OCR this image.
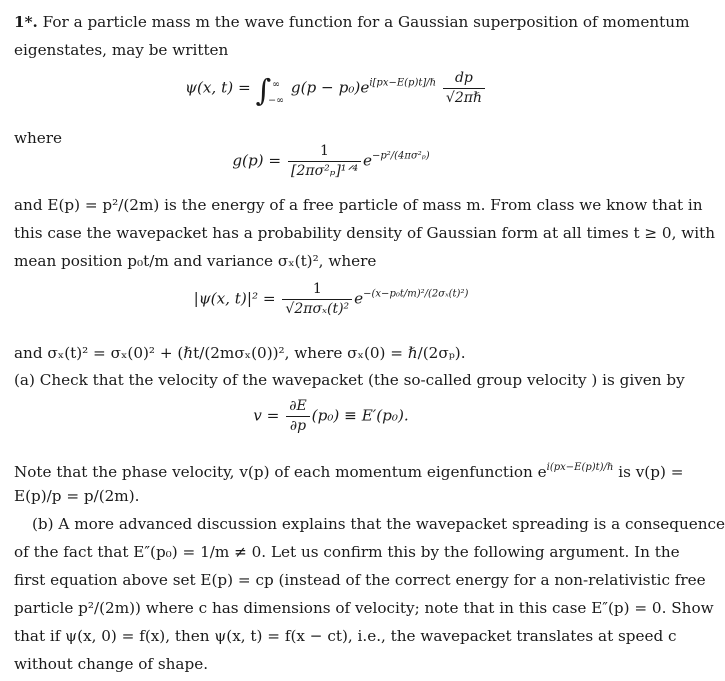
1*. For a particle mass m the wave function for a Gaussian superposition of momentum
eigenstates, may be written
ψ(x, t) = ∫ ∞
−∞
$g(p - p_0)e^{i[px-E(p)t]/\hbar} \frac{dp}{\text{√2πℏ}}$
where
$g(p) = \frac{1}{\text{[2πσ²ₚ]¹ᐟ⁴}} e^{-p^2/(4\pi\sigma^2_p)}$
and E(p) = p²/(2m) is the energy of a free particle of mass m. From class we know that in
this case the wavepacket has a probability density of Gaussian form at all times t ≥ 0, with
mean position p₀t/m and variance σₓ(t)², where
|ψ(x, $t)|^2 = \frac{1}{\text{√2πσₓ(t)²}} e^{-(x-p_0t/m)^2/(2\sigma_x(t)^2)}$
and σₓ(t)² = σₓ(0)² + (ℏt/(2mσₓ(0))², where σₓ(0) = ℏ/(2σₚ).
(a) Check that the velocity of the wavepacket (the so-called group velocity ) is given by
$v = \frac{\partial E}{\partial p} (p_0) \equiv E'(p_0)$.
Note that the phase velocity, v(p) of each momentum eigenfunction $e^{i(px-E(p)t)/\hbar}$ is v(p) =
E(p)/p = p/(2m).
(b) A more advanced discussion explains that the wavepacket spreading is a consequence
of the fact that E″(p₀) = 1/m ≠ 0. Let us confirm this by the following argument. In the
first equation above set E(p) = cp (instead of the correct energy for a non-relativistic free
particle p²/(2m)) where c has dimensions of velocity; note that in this case E″(p) = 0. Show
that if ψ(x, 0) = f(x), then ψ(x, t) = f(x − ct), i.e., the wavepacket translates at speed c
without change of shape.
